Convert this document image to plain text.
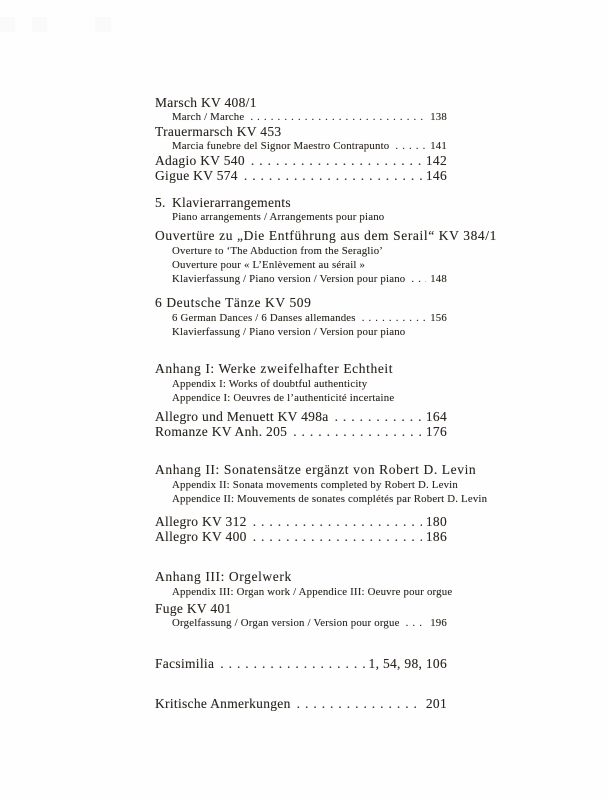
Marsch KV 408/1
March / Marche . . .	138
Trauermarsch KV 453
Marcia funebre del Signor Maestro Contrapunto . . .	141
Adagio KV 540 . . .	142
Gigue KV 574 . . .	146
5. Klavierarrangements
Piano arrangements / Arrangements pour piano
Ouvertüre zu „Die Entführung aus dem Serail“ KV 384/1
Overture to ‘The Abduction from the Seraglio’
Ouverture pour « L’Enlèvement au sérail »
Klavierfassung / Piano version / Version pour piano . . . 148
6 Deutsche Tänze KV 509
6 German Dances / 6 Danses allemandes . . .	156
Klavierfassung / Piano version / Version pour piano
Anhang I: Werke zweifelhafter Echtheit
Appendix I: Works of doubtful authenticity
Appendice I: Oeuvres de l’authenticité incertaine
Allegro und Menuett KV 498a . . .	164
Romanze KV Anh. 205 . . .	176
Anhang II: Sonatensätze ergänzt von Robert D. Levin
Appendix II: Sonata movements completed by Robert D. Levin
Appendice II: Mouvements de sonates complétés par Robert D. Levin
Allegro KV 312 . . .	180
Allegro KV 400 . . .	186
Anhang III: Orgelwerk
Appendix III: Organ work / Appendice III: Oeuvre pour orgue
Fuge KV 401
Orgelfassung / Organ version / Version pour orgue . . .	196
Facsimilia . . .	1, 54, 98, 106
Kritische Anmerkungen . . .	201
